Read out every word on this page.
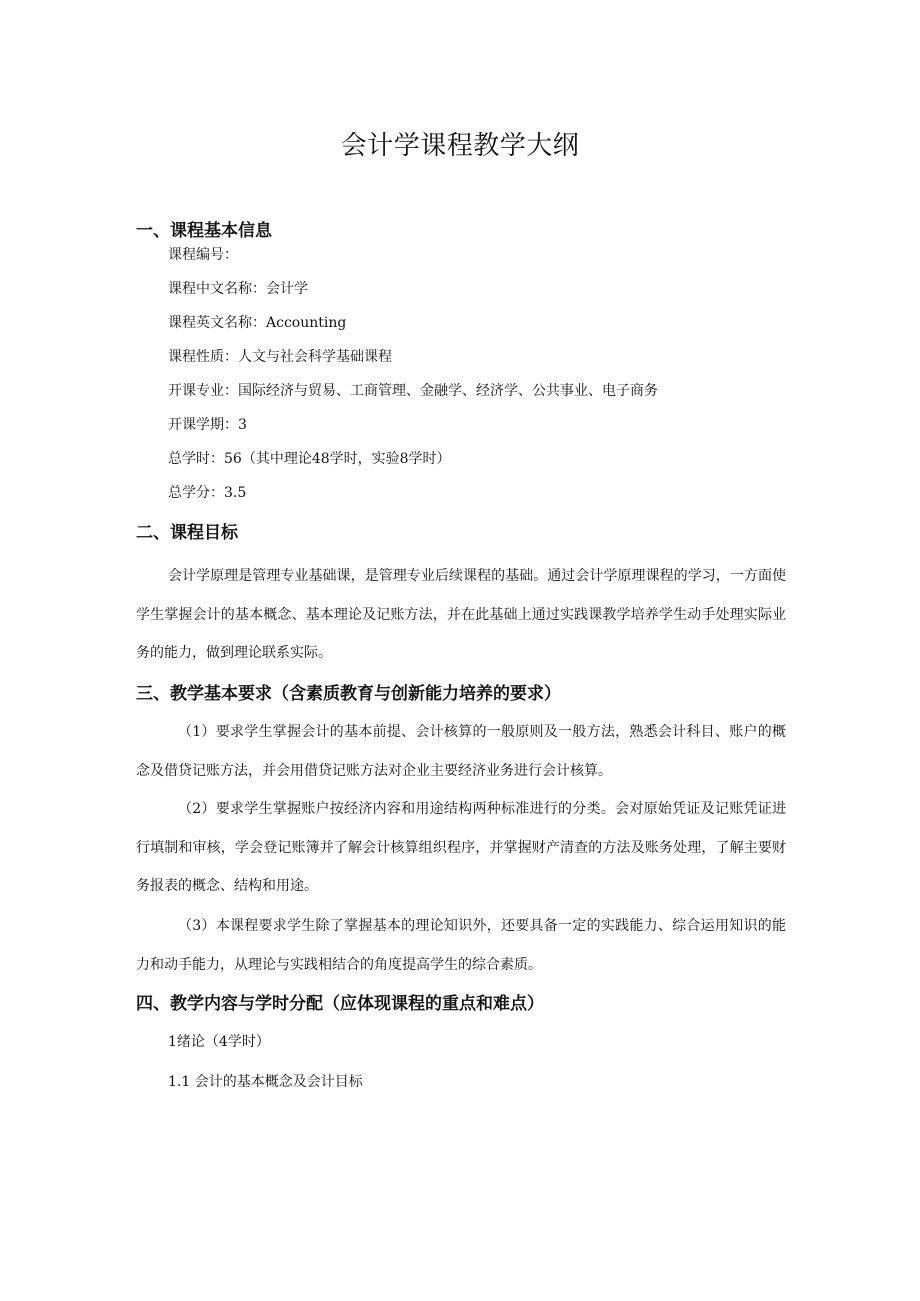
会计学课程教学大纲
一、课程基本信息
课程编号：
课程中文名称：会计学
课程英文名称：Accounting
课程性质：人文与社会科学基础课程
开课专业：国际经济与贸易、工商管理、金融学、经济学、公共事业、电子商务
开课学期：3
总学时：56（其中理论48学时，实验8学时）
总学分：3.5
二、课程目标
会计学原理是管理专业基础课，是管理专业后续课程的基础。通过会计学原理课程的学习，一方面使学生掌握会计的基本概念、基本理论及记账方法，并在此基础上通过实践课教学培养学生动手处理实际业务的能力，做到理论联系实际。
三、教学基本要求（含素质教育与创新能力培养的要求）
（1）要求学生掌握会计的基本前提、会计核算的一般原则及一般方法，熟悉会计科目、账户的概念及借贷记账方法，并会用借贷记账方法对企业主要经济业务进行会计核算。
（2）要求学生掌握账户按经济内容和用途结构两种标准进行的分类。会对原始凭证及记账凭证进行填制和审核，学会登记账簿并了解会计核算组织程序，并掌握财产清查的方法及账务处理，了解主要财务报表的概念、结构和用途。
（3）本课程要求学生除了掌握基本的理论知识外，还要具备一定的实践能力、综合运用知识的能力和动手能力，从理论与实践相结合的角度提高学生的综合素质。
四、教学内容与学时分配（应体现课程的重点和难点）
1绪论（4学时）
1.1 会计的基本概念及会计目标
